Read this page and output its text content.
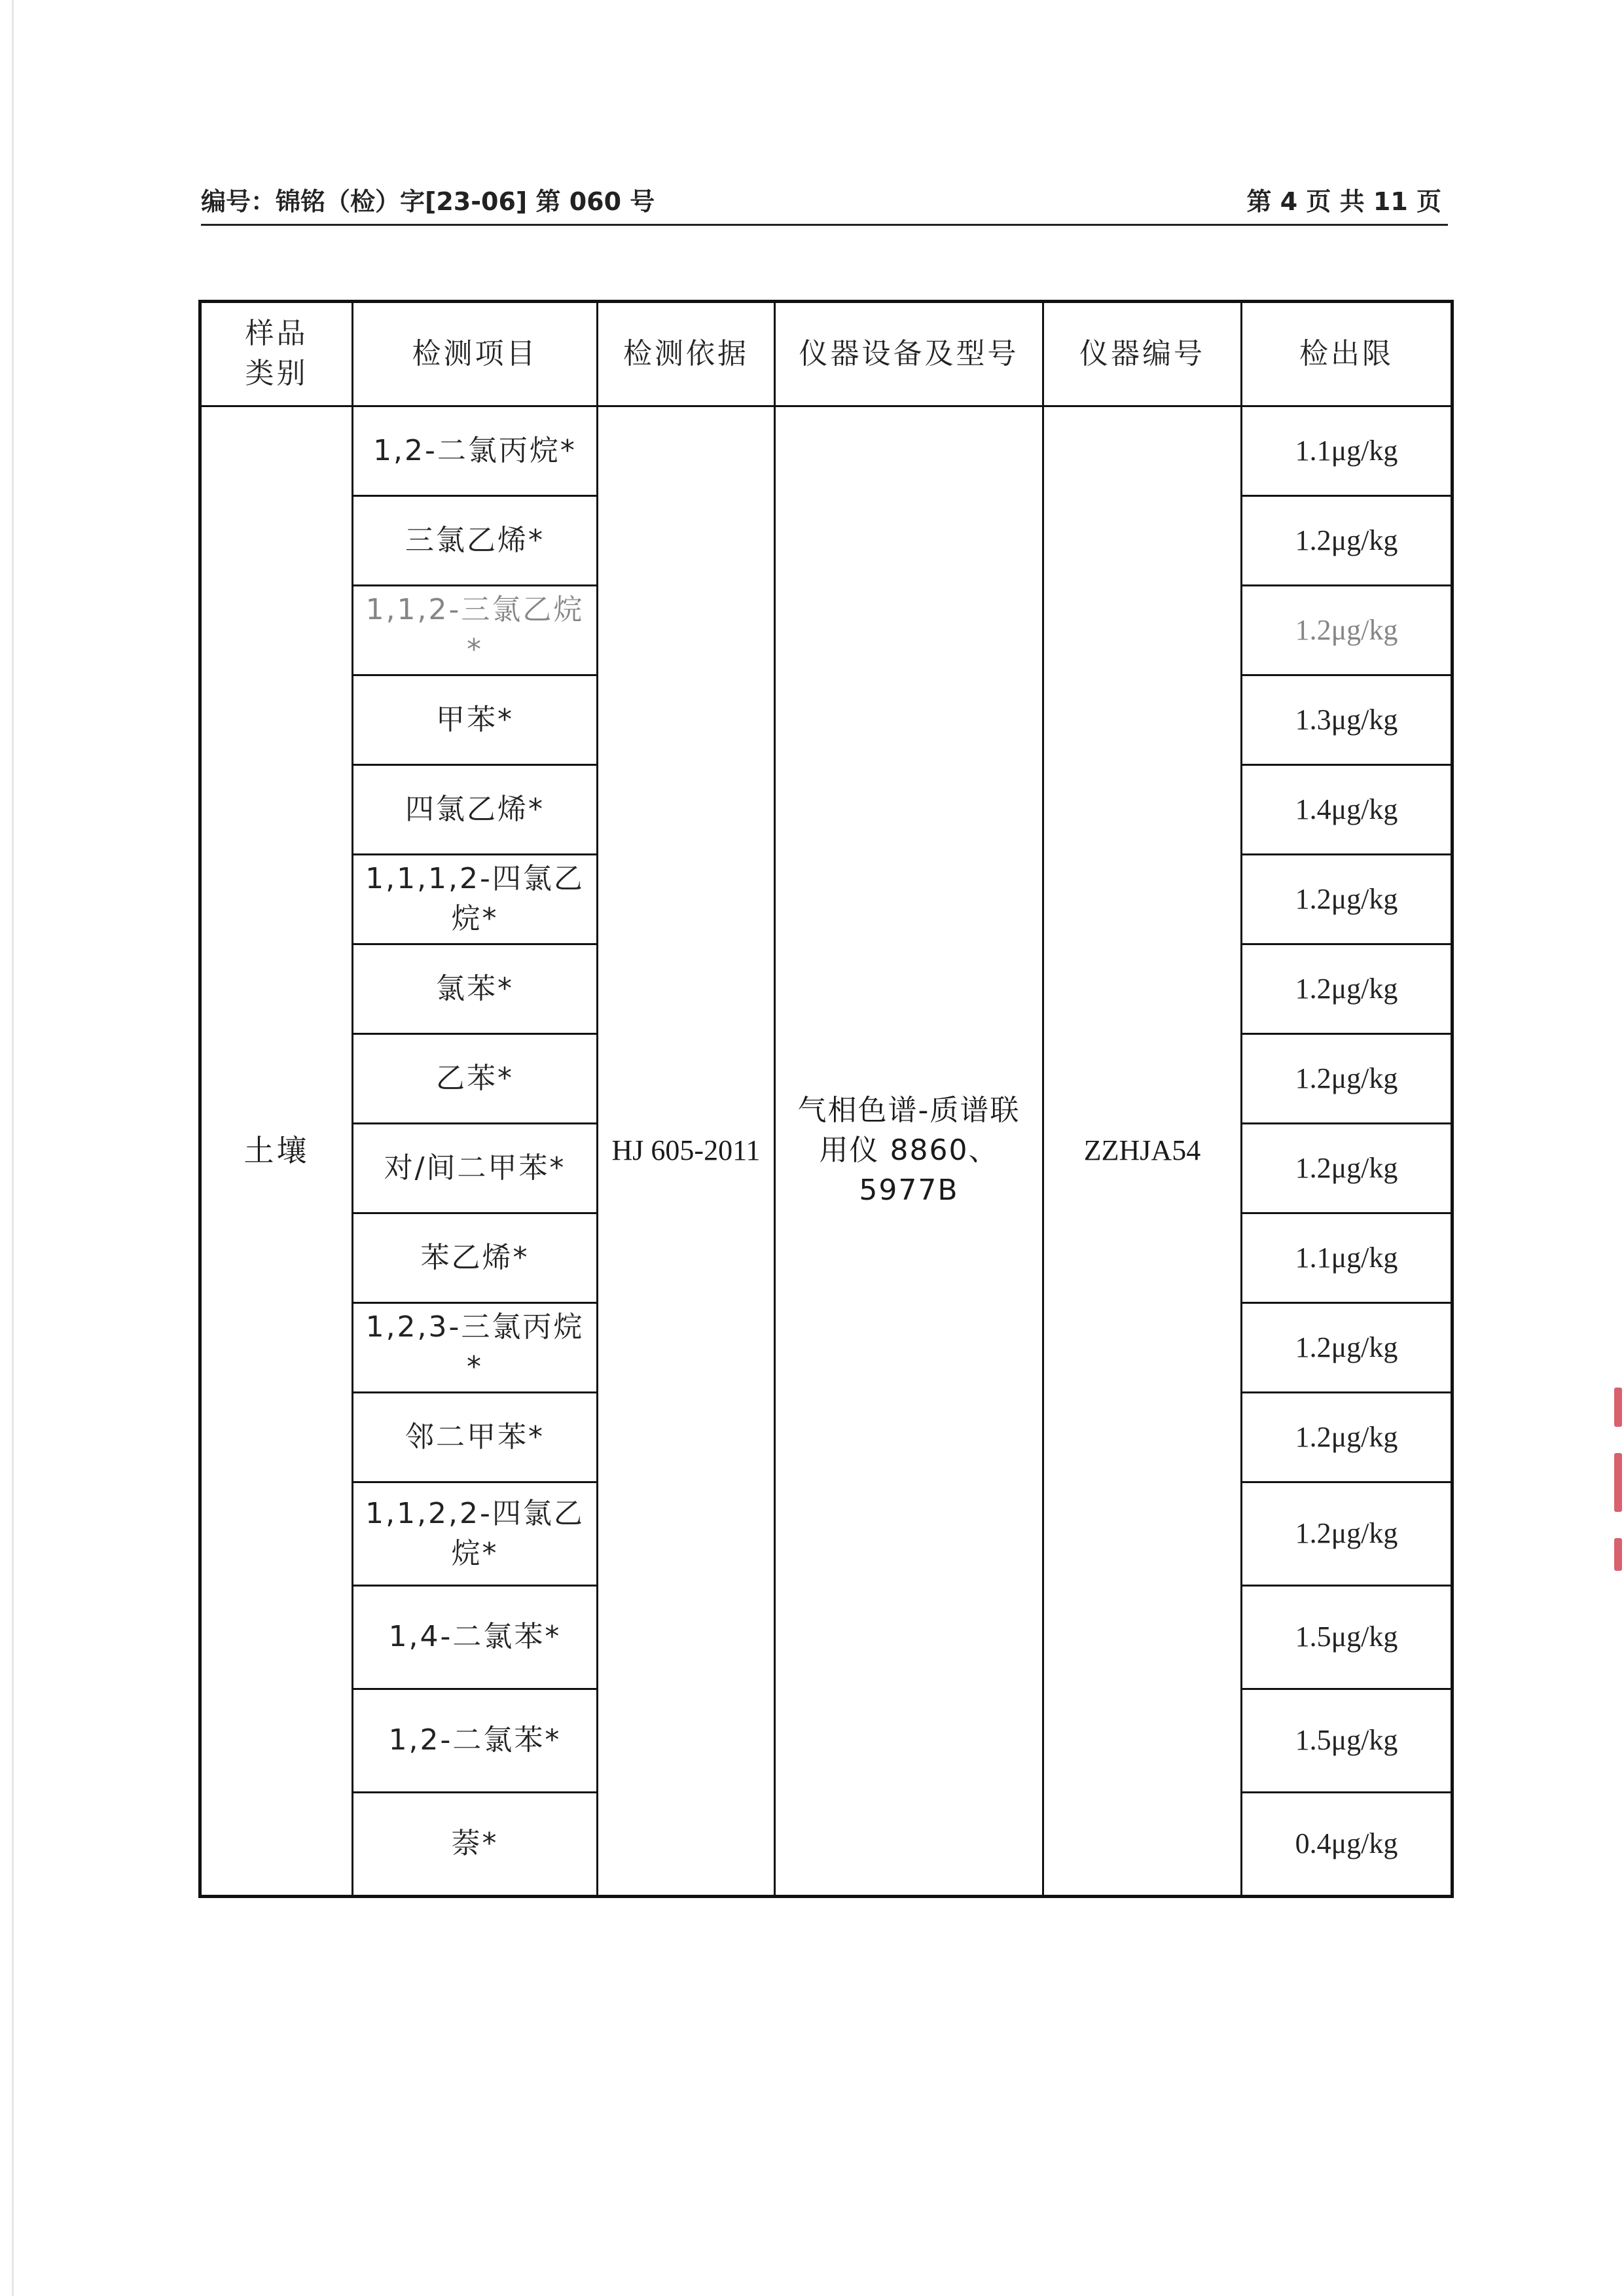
编号：锦铭（检）字[23-06] 第 060 号	第 4 页 共 11 页
样品类别	检测项目	检测依据	仪器设备及型号	仪器编号	检出限
土壤	1,2-二氯丙烷*	HJ 605-2011	气相色谱-质谱联用仪 8860、5977B	ZZHJA54	1.1μg/kg
	三氯乙烯*				1.2μg/kg
	1,1,2-三氯乙烷*				1.2μg/kg
	甲苯*				1.3μg/kg
	四氯乙烯*				1.4μg/kg
	1,1,1,2-四氯乙烷*				1.2μg/kg
	氯苯*				1.2μg/kg
	乙苯*				1.2μg/kg
	对/间二甲苯*				1.2μg/kg
	苯乙烯*				1.1μg/kg
	1,2,3-三氯丙烷*				1.2μg/kg
	邻二甲苯*				1.2μg/kg
	1,1,2,2-四氯乙烷*				1.2μg/kg
	1,4-二氯苯*				1.5μg/kg
	1,2-二氯苯*				1.5μg/kg
	萘*				0.4μg/kg
